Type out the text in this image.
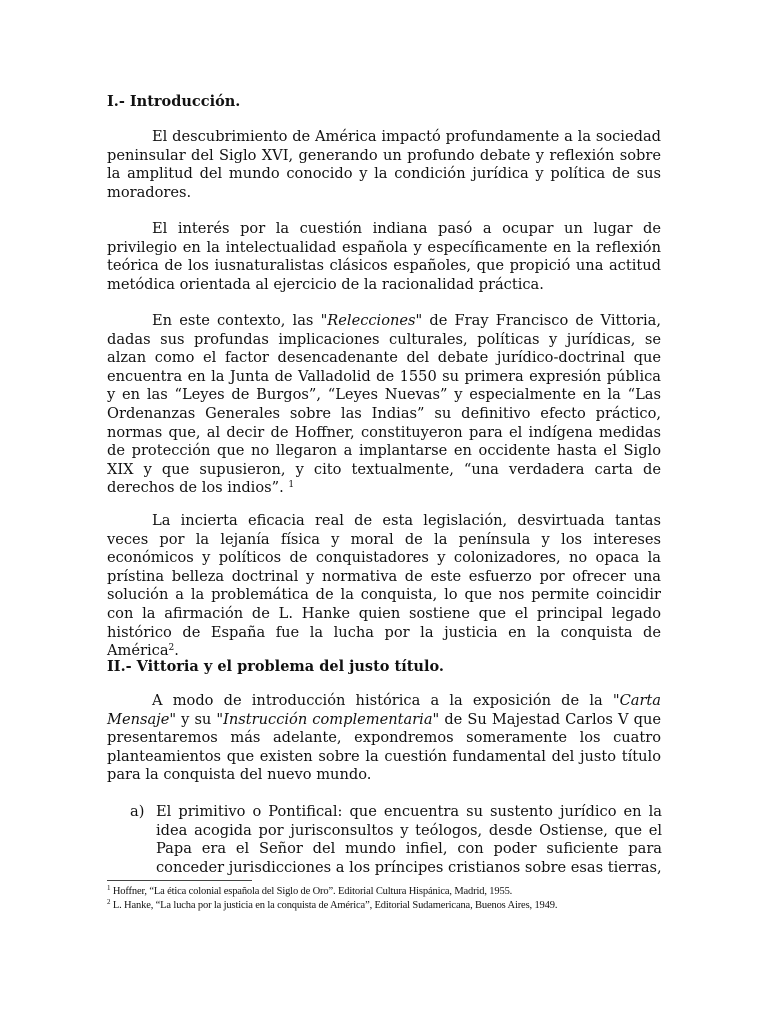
I.- Introducción.

El descubrimiento de América impactó profundamente a la sociedad peninsular del Siglo XVI, generando un profundo debate y reflexión sobre la amplitud del mundo conocido y la condición jurídica y política de sus moradores.

El interés por la cuestión indiana pasó a ocupar un lugar de privilegio en la intelectualidad española y específicamente en la reflexión teórica de los iusnaturalistas clásicos españoles, que propició una actitud metódica orientada al ejercicio de la racionalidad práctica.

En este contexto, las "Relecciones" de Fray Francisco de Vittoria, dadas sus profundas implicaciones culturales, políticas y jurídicas, se alzan como el factor desencadenante del debate jurídico-doctrinal que encuentra en la Junta de Valladolid de 1550 su primera expresión pública y en las “Leyes de Burgos”, “Leyes Nuevas” y especialmente en la “Las Ordenanzas Generales sobre las Indias” su definitivo efecto práctico, normas que, al decir de Hoffner, constituyeron para el indígena medidas de protección que no llegaron a implantarse en occidente hasta el Siglo XIX y que supusieron, y cito textualmente, “una verdadera carta de derechos de los indios”. $^1$

La incierta eficacia real de esta legislación, desvirtuada tantas veces por la lejanía física y moral de la península y los intereses económicos y políticos de conquistadores y colonizadores, no opaca la prístina belleza doctrinal y normativa de este esfuerzo por ofrecer una solución a la problemática de la conquista, lo que nos permite coincidir con la afirmación de L. Hanke quien sostiene que el principal legado histórico de España fue la lucha por la justicia en la conquista de América$^2$.

II.- Vittoria y el problema del justo título.

A modo de introducción histórica a la exposición de la "Carta Mensaje" y su "Instrucción complementaria" de Su Majestad Carlos V que presentaremos más adelante, expondremos someramente los cuatro planteamientos que existen sobre la cuestión fundamental del justo título para la conquista del nuevo mundo.

a) El primitivo o Pontifical: que encuentra su sustento jurídico en la idea acogida por jurisconsultos y teólogos, desde Ostiense, que el Papa era el Señor del mundo infiel, con poder suficiente para conceder jurisdicciones a los príncipes cristianos sobre esas tierras,

$^1$ Hoffner, “La ética colonial española del Siglo de Oro”. Editorial Cultura Hispánica, Madrid, 1955.

$^2$ L. Hanke, “La lucha por la justicia en la conquista de América”, Editorial Sudamericana, Buenos Aires, 1949.
